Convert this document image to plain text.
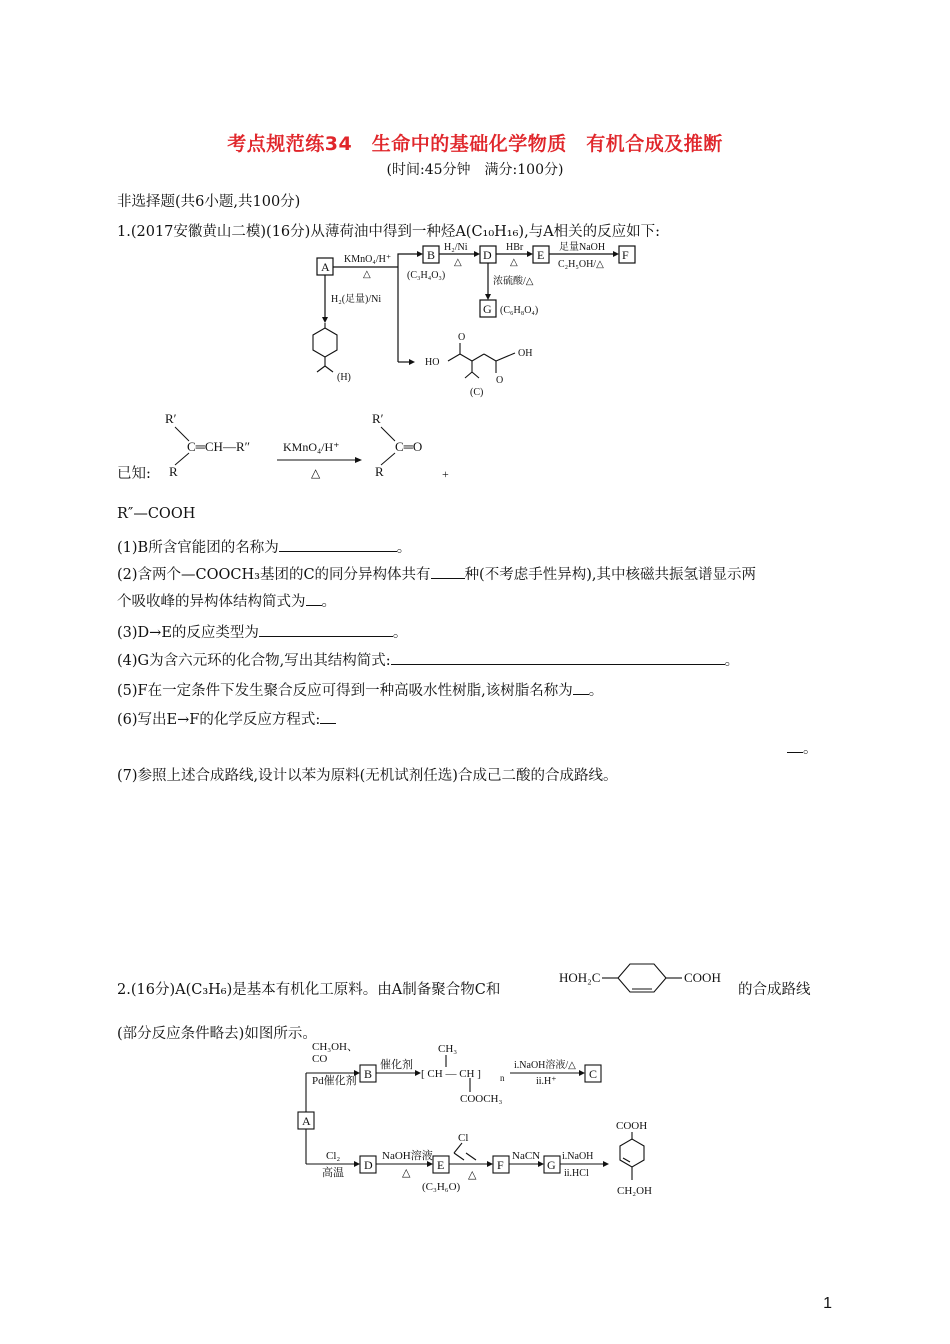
考点规范练34　生命中的基础化学物质　有机合成及推断
(时间:45分钟　满分:100分)
非选择题(共6小题,共100分)
1.(2017安徽黄山二模)(16分)从薄荷油中得到一种烃A(C₁₀H₁₆),与A相关的反应如下:
A
B	D	E	F
G
KMnO₄/H⁺
△
H₂/Ni
△
HBr
△
足量NaOH
C₂H₅OH/△
(C₃H₄O₃)
(C₆H₈O₄)
浓硫酸/△
H₂(足量)/Ni
(H)
(C)
HO
OH
O
O
R′
R
C═CH—R″	KMnO₄/H⁺
△
R′
R
C═O
+
已知:
R″—COOH
(1)B所含官能团的名称为	。
(2)含两个—COOCH₃基团的C的同分异构体共有 种(不考虑手性异构),其中核磁共振氢谱显示两
个吸收峰的异构体结构简式为 。
(3)D→E的反应类型为	。
(4)G为含六元环的化合物,写出其结构简式:	。
(5)F在一定条件下发生聚合反应可得到一种高吸水性树脂,该树脂名称为 。
(6)写出E→F的化学反应方程式:
。
(7)参照上述合成路线,设计以苯为原料(无机试剂任选)合成己二酸的合成路线。
2.(16分)A(C₃H₆)是基本有机化工原料。由A制备聚合物C和
HOH₂C	COOH
的合成路线
(部分反应条件略去)如图所示。
A
B	C
D	E	F	G
CH₃OH、
CO
Pd催化剂
催化剂
CH₃
[ CH — CH ] n
COOCH₃
i.NaOH溶液/△
ii.H⁺
Cl₂
高温
NaOH溶液
△
(C₃H₆O)
Cl
△
NaCN i.NaOH
ii.HCl
COOH
CH₂OH
1
